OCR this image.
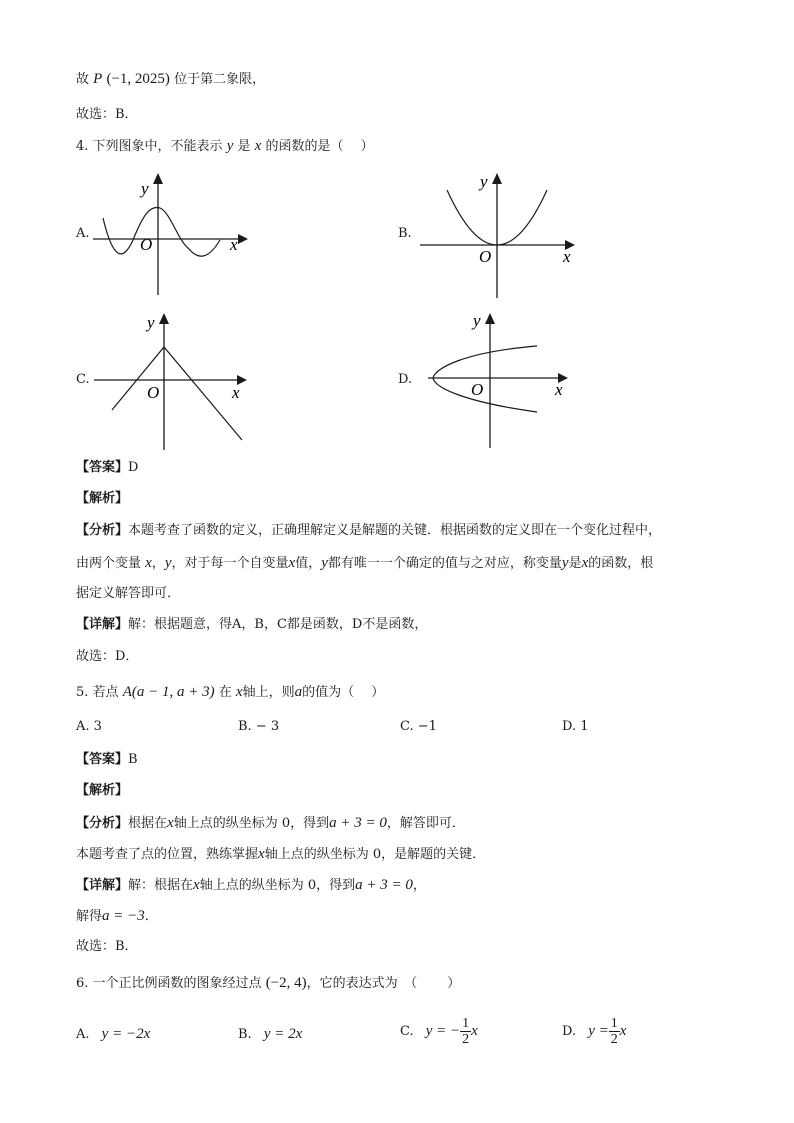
故 P (−1, 2025) 位于第二象限，
故选：B．
4. 下列图象中，不能表示 y 是 x 的函数的是（　 ）
A.
y
O	x
B.
y
O	x
C.
y
O	x
D.
y
O	x
【答案】D
【解析】
【分析】本题考查了函数的定义，正确理解定义是解题的关键．根据函数的定义即在一个变化过程中，
由两个变量 x，y，对于每一个自变量x值，y都有唯一一个确定的值与之对应，称变量y是x的函数，根
据定义解答即可．
【详解】解：根据题意，得A，B，C都是函数，D不是函数，
故选：D．
5. 若点 A(a − 1, a + 3) 在 x轴上，则a的值为（　 ）
A. 3	B. − 3	C. −1	D. 1
【答案】B
【解析】
【分析】根据在x轴上点的纵坐标为 0，得到a + 3 = 0，解答即可．
本题考查了点的位置，熟练掌握x轴上点的纵坐标为 0，是解题的关键．
【详解】解：根据在x轴上点的纵坐标为 0，得到a + 3 = 0，
解得a = −3．
故选：B．
6. 一个正比例函数的图象经过点 (−2, 4)，它的表达式为　（　　 ）
A. y = −2x	B. y = 2x	C. y = − $\frac{1}{2}$ x	D. $y = \frac{1}{2}$ x
